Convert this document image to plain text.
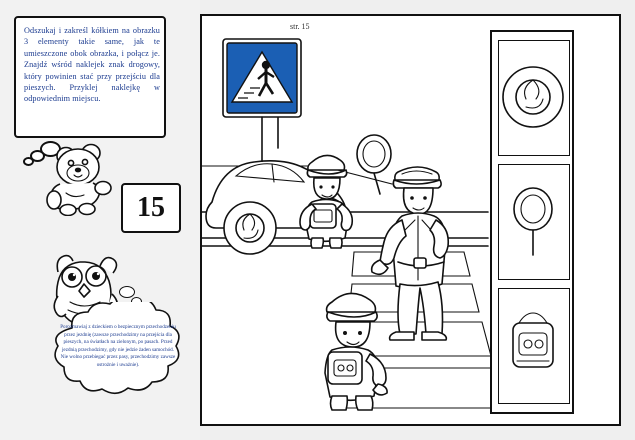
Odszukaj i zakreśl kółkiem na obrazku 3 elementy takie same, jak te umieszczone obok obrazka, i połącz je. Znajdź wśród naklejek znak drogowy, który powinien stać przy przejściu dla pieszych. Przyklej naklejkę w odpowiednim miejscu.
15
Porozmawiaj z dzieckiem o bezpiecznym przechodzeniu przez jezdnię (zawsze przechodzimy na przejścia dla pieszych, na światłach na zielonym, po pasach. Przed jezdnią przechodzimy, gdy nie jedzie żaden samochód. Nie wolno przebiegać przez pasy, przechodzimy zawsze ostrożnie i uważnie).
str. 15
